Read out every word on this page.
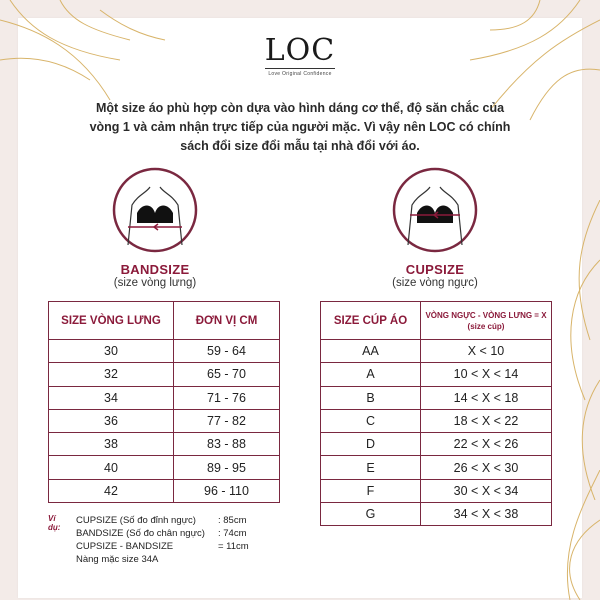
LOC
Love Original Confidence
Một size áo phù hợp còn dựa vào hình dáng cơ thể, độ săn chắc của vòng 1 và cảm nhận trực tiếp của người mặc. Vì vậy nên LOC có chính sách đổi size đổi mẫu tại nhà đổi với áo.
BANDSIZE
(size vòng lưng)
CUPSIZE
(size vòng ngực)
SIZE VÒNG LƯNG	ĐƠN VỊ CM
30	59 - 64
32	65 - 70
34	71 - 76
36	77 - 82
38	83 - 88
40	89 - 95
42	96 - 110
SIZE CÚP ÁO	VÒNG NGỰC - VÒNG LƯNG = X (size cúp)
AA	X < 10
A	10 < X < 14
B	14 < X < 18
C	18 < X < 22
D	22 < X < 26
E	26 < X < 30
F	30 < X < 34
G	34 < X < 38
Ví dụ:
CUPSIZE (Số đo đỉnh ngực) : 85cm
BANDSIZE (Số đo chân ngực) : 74cm
CUPSIZE - BANDSIZE	= 11cm
Nàng mặc size 34A
